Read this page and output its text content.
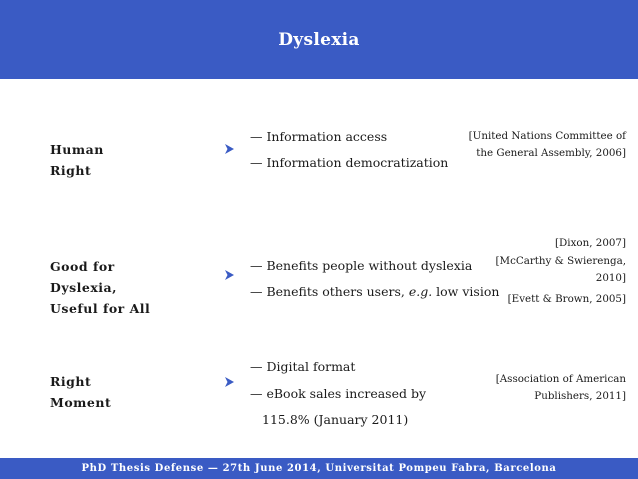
Dyslexia
Human
Right
— Information access
— Information democratization
[United Nations Committee of
the General Assembly, 2006]
Good for
Dyslexia,
Useful for All
— Benefits people without dyslexia
— Benefits others users, e.g. low vision
[Dixon, 2007]
[McCarthy & Swierenga,
2010]
[Evett & Brown, 2005]
Right
Moment
— Digital format
— eBook sales increased by
115.8% (January 2011)
[Association of American
Publishers, 2011]
PhD Thesis Defense — 27th June 2014, Universitat Pompeu Fabra, Barcelona
